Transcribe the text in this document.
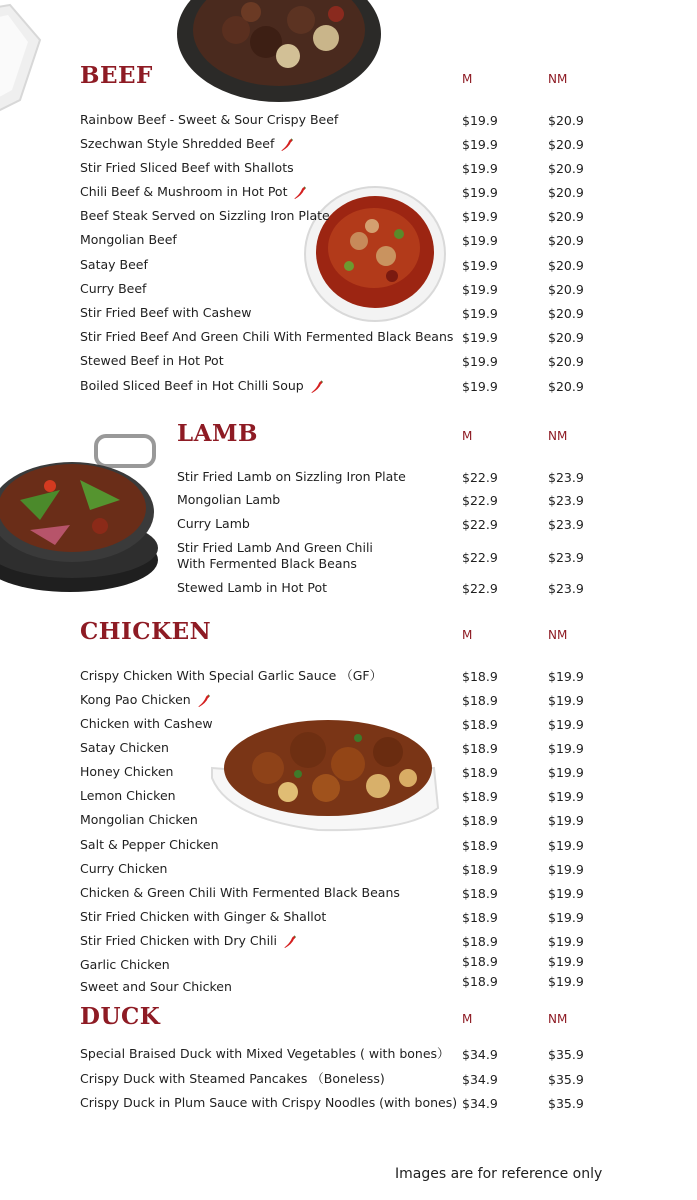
BEEF	M	NM
Rainbow Beef - Sweet & Sour Crispy Beef	$19.9	$20.9
Szechwan Style Shredded Beef	$19.9	$20.9
Stir Fried Sliced Beef with Shallots	$19.9	$20.9
Chili Beef & Mushroom in Hot Pot	$19.9	$20.9
Beef Steak Served on Sizzling Iron Plate	$19.9	$20.9
Mongolian Beef	$19.9	$20.9
Satay Beef	$19.9	$20.9
Curry Beef	$19.9	$20.9
Stir Fried Beef with Cashew	$19.9	$20.9
Stir Fried Beef And Green Chili With Fermented Black Beans $19.9	$20.9
Stewed Beef in Hot Pot	$19.9	$20.9
Boiled Sliced Beef in Hot Chilli Soup	$19.9	$20.9
LAMB	M	NM
Stir Fried Lamb on Sizzling Iron Plate	$22.9	$23.9
Mongolian Lamb	$22.9	$23.9
Curry Lamb	$22.9	$23.9
Stir Fried Lamb And Green Chili
With Fermented Black Beans	$22.9	$23.9
Stewed Lamb in Hot Pot	$22.9	$23.9
CHICKEN	M	NM
Crispy Chicken With Special Garlic Sauce （GF）	$18.9	$19.9
Kong Pao Chicken	$18.9	$19.9
Chicken with Cashew	$18.9	$19.9
Satay Chicken	$18.9	$19.9
Honey Chicken	$18.9	$19.9
Lemon Chicken	$18.9	$19.9
Mongolian Chicken	$18.9	$19.9
Salt & Pepper Chicken	$18.9	$19.9
Curry Chicken	$18.9	$19.9
Chicken & Green Chili With Fermented Black Beans	$18.9	$19.9
Stir Fried Chicken with Ginger & Shallot	$18.9	$19.9
Stir Fried Chicken with Dry Chili	$18.9	$19.9
Garlic Chicken	$18.9	$19.9
Sweet and Sour Chicken	$18.9	$19.9
DUCK	M	NM
Special Braised Duck with Mixed Vegetables ( with bones） $34.9	$35.9
Crispy Duck with Steamed Pancakes （Boneless)	$34.9	$35.9
Crispy Duck in Plum Sauce with Crispy Noodles (with bones) $34.9	$35.9
Images are for reference only
